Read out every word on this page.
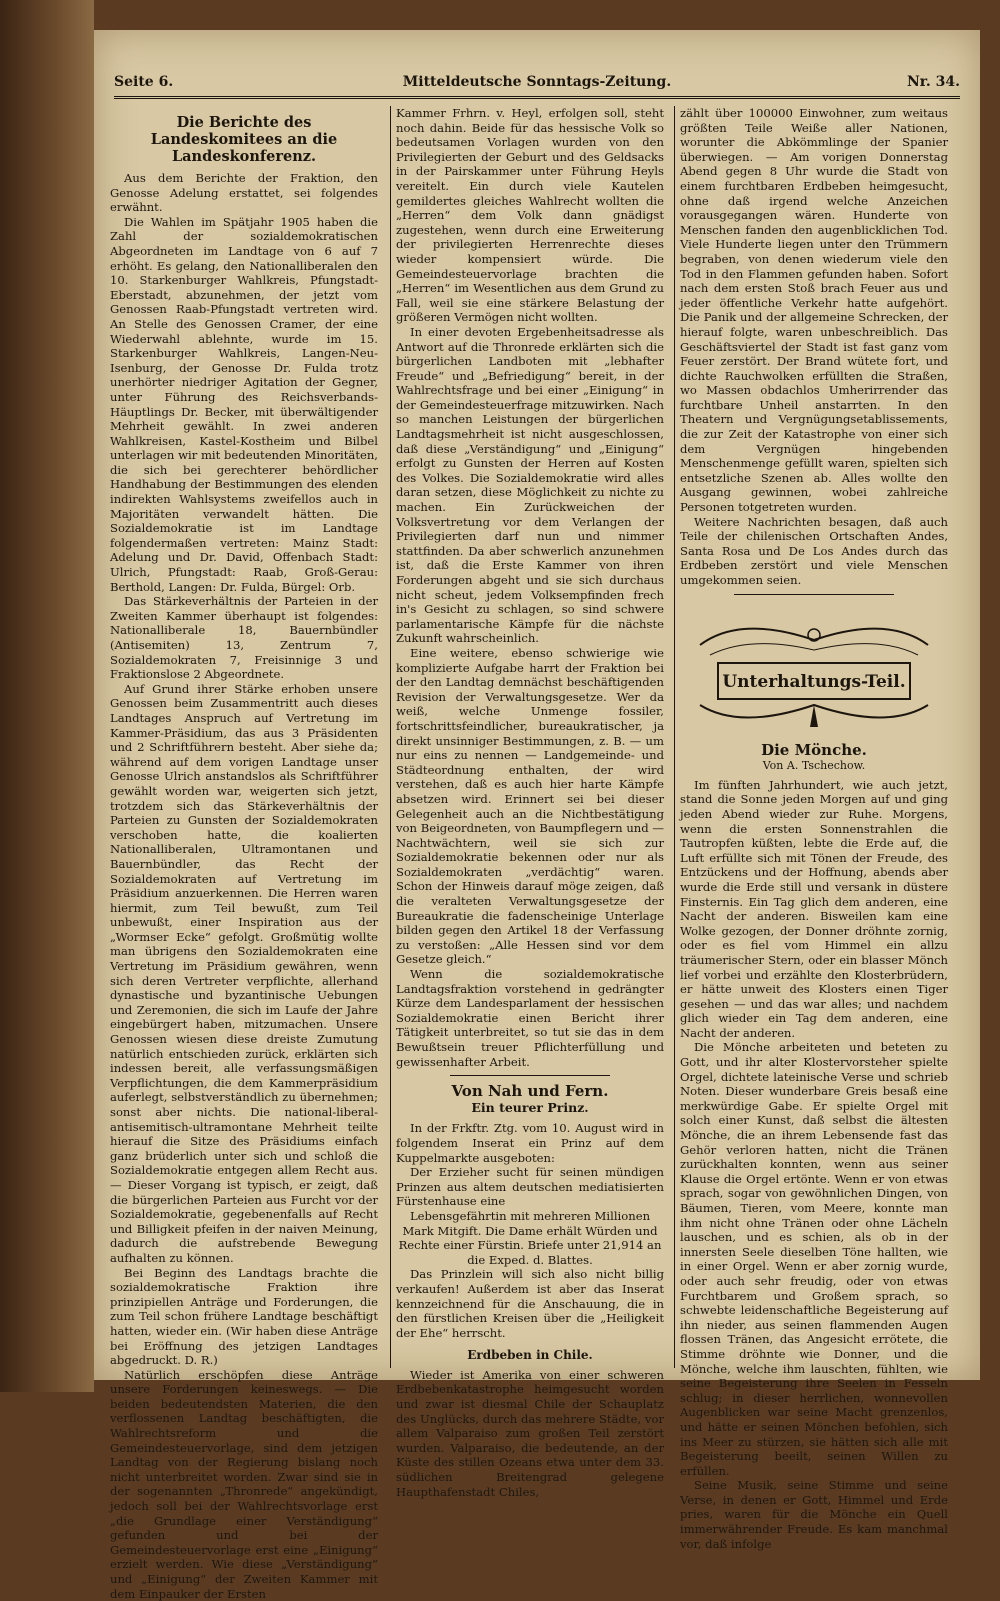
Seite 6.	Mitteldeutsche Sonntags-Zeitung.	Nr. 34.
Die Berichte des Landeskomitees an die Landeskonferenz.

Aus dem Berichte der Fraktion, den Genosse Adelung erstattet, sei folgendes erwähnt.

Die Wahlen im Spätjahr 1905 haben die Zahl der sozialdemokratischen Abgeordneten im Landtage von 6 auf 7 erhöht. Es gelang, den Nationalliberalen den 10. Starkenburger Wahlkreis, Pfungstadt-Eberstadt, abzunehmen, der jetzt vom Genossen Raab-Pfungstadt vertreten wird. An Stelle des Genossen Cramer, der eine Wiederwahl ablehnte, wurde im 15. Starkenburger Wahlkreis, Langen-Neu-Isenburg, der Genosse Dr. Fulda trotz unerhörter niedriger Agitation der Gegner, unter Führung des Reichsverbands-Häuptlings Dr. Becker, mit überwältigender Mehrheit gewählt. In zwei anderen Wahlkreisen, Kastel-Kostheim und Bilbel unterlagen wir mit bedeutenden Minoritäten, die sich bei gerechterer behördlicher Handhabung der Bestimmungen des elenden indirekten Wahlsystems zweifellos auch in Majoritäten verwandelt hätten. Die Sozialdemokratie ist im Landtage folgendermaßen vertreten: Mainz Stadt: Adelung und Dr. David, Offenbach Stadt: Ulrich, Pfungstadt: Raab, Groß-Gerau: Berthold, Langen: Dr. Fulda, Bürgel: Orb.

Das Stärkeverhältnis der Parteien in der Zweiten Kammer überhaupt ist folgendes: Nationalliberale 18, Bauernbündler (Antisemiten) 13, Zentrum 7, Sozialdemokraten 7, Freisinnige 3 und Fraktionslose 2 Abgeordnete.

Auf Grund ihrer Stärke erhoben unsere Genossen beim Zusammentritt auch dieses Landtages Anspruch auf Vertretung im Kammer-Präsidium, das aus 3 Präsidenten und 2 Schriftführern besteht. Aber siehe da; während auf dem vorigen Landtage unser Genosse Ulrich anstandslos als Schriftführer gewählt worden war, weigerten sich jetzt, trotzdem sich das Stärkeverhältnis der Parteien zu Gunsten der Sozialdemokraten verschoben hatte, die koalierten Nationalliberalen, Ultramontanen und Bauernbündler, das Recht der Sozialdemokraten auf Vertretung im Präsidium anzuerkennen. Die Herren waren hiermit, zum Teil bewußt, zum Teil unbewußt, einer Inspiration aus der „Wormser Ecke“ gefolgt. Großmütig wollte man übrigens den Sozialdemokraten eine Vertretung im Präsidium gewähren, wenn sich deren Vertreter verpflichte, allerhand dynastische und byzantinische Uebungen und Zeremonien, die sich im Laufe der Jahre eingebürgert haben, mitzumachen. Unsere Genossen wiesen diese dreiste Zumutung natürlich entschieden zurück, erklärten sich indessen bereit, alle verfassungsmäßigen Verpflichtungen, die dem Kammerpräsidium auferlegt, selbstverständlich zu übernehmen; sonst aber nichts. Die national-liberal-antisemitisch-ultramontane Mehrheit teilte hierauf die Sitze des Präsidiums einfach ganz brüderlich unter sich und schloß die Sozialdemokratie entgegen allem Recht aus. — Dieser Vorgang ist typisch, er zeigt, daß die bürgerlichen Parteien aus Furcht vor der Sozialdemokratie, gegebenenfalls auf Recht und Billigkeit pfeifen in der naiven Meinung, dadurch die aufstrebende Bewegung aufhalten zu können.

Bei Beginn des Landtags brachte die sozialdemokratische Fraktion ihre prinzipiellen Anträge und Forderungen, die zum Teil schon frühere Landtage beschäftigt hatten, wieder ein. (Wir haben diese Anträge bei Eröffnung des jetzigen Landtages abgedruckt. D. R.)

Natürlich erschöpfen diese Anträge unsere Forderungen keineswegs. — Die beiden bedeutendsten Materien, die den verflossenen Landtag beschäftigten, die Wahlrechtsreform und die Gemeindesteuervorlage, sind dem jetzigen Landtag von der Regierung bislang noch nicht unterbreitet worden. Zwar sind sie in der sogenannten „Thronrede“ angekündigt, jedoch soll bei der Wahlrechtsvorlage erst „die Grundlage einer Verständigung“ gefunden und bei der Gemeindesteuervorlage erst eine „Einigung“ erzielt werden. Wie diese „Verständigung“ und „Einigung“ der Zweiten Kammer mit dem Einpauker der Ersten

Kammer Frhrn. v. Heyl, erfolgen soll, steht noch dahin. Beide für das hessische Volk so bedeutsamen Vorlagen wurden von den Privilegierten der Geburt und des Geldsacks in der Pairskammer unter Führung Heyls vereitelt. Ein durch viele Kautelen gemildertes gleiches Wahlrecht wollten die „Herren“ dem Volk dann gnädigst zugestehen, wenn durch eine Erweiterung der privilegierten Herrenrechte dieses wieder kompensiert würde. Die Gemeindesteuervorlage brachten die „Herren“ im Wesentlichen aus dem Grund zu Fall, weil sie eine stärkere Belastung der größeren Vermögen nicht wollten.

In einer devoten Ergebenheitsadresse als Antwort auf die Thronrede erklärten sich die bürgerlichen Landboten mit „lebhafter Freude“ und „Befriedigung“ bereit, in der Wahlrechtsfrage und bei einer „Einigung“ in der Gemeindesteuerfrage mitzuwirken. Nach so manchen Leistungen der bürgerlichen Landtagsmehrheit ist nicht ausgeschlossen, daß diese „Verständigung“ und „Einigung“ erfolgt zu Gunsten der Herren auf Kosten des Volkes. Die Sozialdemokratie wird alles daran setzen, diese Möglichkeit zu nichte zu machen. Ein Zurückweichen der Volksvertretung vor dem Verlangen der Privilegierten darf nun und nimmer stattfinden. Da aber schwerlich anzunehmen ist, daß die Erste Kammer von ihren Forderungen abgeht und sie sich durchaus nicht scheut, jedem Volksempfinden frech in's Gesicht zu schlagen, so sind schwere parlamentarische Kämpfe für die nächste Zukunft wahrscheinlich.

Eine weitere, ebenso schwierige wie komplizierte Aufgabe harrt der Fraktion bei der den Landtag demnächst beschäftigenden Revision der Verwaltungsgesetze. Wer da weiß, welche Unmenge fossiler, fortschrittsfeindlicher, bureaukratischer, ja direkt unsinniger Bestimmungen, z. B. — um nur eins zu nennen — Landgemeinde- und Städteordnung enthalten, der wird verstehen, daß es auch hier harte Kämpfe absetzen wird. Erinnert sei bei dieser Gelegenheit auch an die Nichtbestätigung von Beigeordneten, von Baumpflegern und — Nachtwächtern, weil sie sich zur Sozialdemokratie bekennen oder nur als Sozialdemokraten „verdächtig“ waren. Schon der Hinweis darauf möge zeigen, daß die veralteten Verwaltungsgesetze der Bureaukratie die fadenscheinige Unterlage bilden gegen den Artikel 18 der Verfassung zu verstoßen: „Alle Hessen sind vor dem Gesetze gleich.“

Wenn die sozialdemokratische Landtagsfraktion vorstehend in gedrängter Kürze dem Landesparlament der hessischen Sozialdemokratie einen Bericht ihrer Tätigkeit unterbreitet, so tut sie das in dem Bewußtsein treuer Pflichterfüllung und gewissenhafter Arbeit.

Von Nah und Fern.
Ein teurer Prinz.

In der Frkftr. Ztg. vom 10. August wird in folgendem Inserat ein Prinz auf dem Kuppelmarkte ausgeboten:

Der Erzieher sucht für seinen mündigen Prinzen aus altem deutschen mediatisierten Fürstenhause eine

Lebensgefährtin mit mehreren Millionen Mark Mitgift. Die Dame erhält Würden und Rechte einer Fürstin. Briefe unter 21,914 an die Exped. d. Blattes.

Das Prinzlein will sich also nicht billig verkaufen! Außerdem ist aber das Inserat kennzeichnend für die Anschauung, die in den fürstlichen Kreisen über die „Heiligkeit der Ehe“ herrscht.

Erdbeben in Chile.

Wieder ist Amerika von einer schweren Erdbebenkatastrophe heimgesucht worden und zwar ist diesmal Chile der Schauplatz des Unglücks, durch das mehrere Städte, vor allem Valparaiso zum großen Teil zerstört wurden. Valparaiso, die bedeutende, an der Küste des stillen Ozeans etwa unter dem 33. südlichen Breitengrad gelegene Haupthafenstadt Chiles,

zählt über 100000 Einwohner, zum weitaus größten Teile Weiße aller Nationen, worunter die Abkömmlinge der Spanier überwiegen. — Am vorigen Donnerstag Abend gegen 8 Uhr wurde die Stadt von einem furchtbaren Erdbeben heimgesucht, ohne daß irgend welche Anzeichen vorausgegangen wären. Hunderte von Menschen fanden den augenblicklichen Tod. Viele Hunderte liegen unter den Trümmern begraben, von denen wiederum viele den Tod in den Flammen gefunden haben. Sofort nach dem ersten Stoß brach Feuer aus und jeder öffentliche Verkehr hatte aufgehört. Die Panik und der allgemeine Schrecken, der hierauf folgte, waren unbeschreiblich. Das Geschäftsviertel der Stadt ist fast ganz vom Feuer zerstört. Der Brand wütete fort, und dichte Rauchwolken erfüllten die Straßen, wo Massen obdachlos Umherirrender das furchtbare Unheil anstarrten. In den Theatern und Vergnügungsetablissements, die zur Zeit der Katastrophe von einer sich dem Vergnügen hingebenden Menschenmenge gefüllt waren, spielten sich entsetzliche Szenen ab. Alles wollte den Ausgang gewinnen, wobei zahlreiche Personen totgetreten wurden.

Weitere Nachrichten besagen, daß auch Teile der chilenischen Ortschaften Andes, Santa Rosa und De Los Andes durch das Erdbeben zerstört und viele Menschen umgekommen seien.

Unterhaltungs-Teil.
Die Mönche.
Von A. Tschechow.

Im fünften Jahrhundert, wie auch jetzt, stand die Sonne jeden Morgen auf und ging jeden Abend wieder zur Ruhe. Morgens, wenn die ersten Sonnenstrahlen die Tautropfen küßten, lebte die Erde auf, die Luft erfüllte sich mit Tönen der Freude, des Entzückens und der Hoffnung, abends aber wurde die Erde still und versank in düstere Finsternis. Ein Tag glich dem anderen, eine Nacht der anderen. Bisweilen kam eine Wolke gezogen, der Donner dröhnte zornig, oder es fiel vom Himmel ein allzu träumerischer Stern, oder ein blasser Mönch lief vorbei und erzählte den Klosterbrüdern, er hätte unweit des Klosters einen Tiger gesehen — und das war alles; und nachdem glich wieder ein Tag dem anderen, eine Nacht der anderen.

Die Mönche arbeiteten und beteten zu Gott, und ihr alter Klostervorsteher spielte Orgel, dichtete lateinische Verse und schrieb Noten. Dieser wunderbare Greis besaß eine merkwürdige Gabe. Er spielte Orgel mit solch einer Kunst, daß selbst die ältesten Mönche, die an ihrem Lebensende fast das Gehör verloren hatten, nicht die Tränen zurückhalten konnten, wenn aus seiner Klause die Orgel ertönte. Wenn er von etwas sprach, sogar von gewöhnlichen Dingen, von Bäumen, Tieren, vom Meere, konnte man ihm nicht ohne Tränen oder ohne Lächeln lauschen, und es schien, als ob in der innersten Seele dieselben Töne hallten, wie in einer Orgel. Wenn er aber zornig wurde, oder auch sehr freudig, oder von etwas Furchtbarem und Großem sprach, so schwebte leidenschaftliche Begeisterung auf ihn nieder, aus seinen flammenden Augen flossen Tränen, das Angesicht errötete, die Stimme dröhnte wie Donner, und die Mönche, welche ihm lauschten, fühlten, wie seine Begeisterung ihre Seelen in Fesseln schlug; in dieser herrlichen, wonnevollen Augenblicken war seine Macht grenzenlos, und hätte er seinen Mönchen befohlen, sich ins Meer zu stürzen, sie hätten sich alle mit Begeisterung beeilt, seinen Willen zu erfüllen.

Seine Musik, seine Stimme und seine Verse, in denen er Gott, Himmel und Erde pries, waren für die Mönche ein Quell immerwährender Freude. Es kam manchmal vor, daß infolge
